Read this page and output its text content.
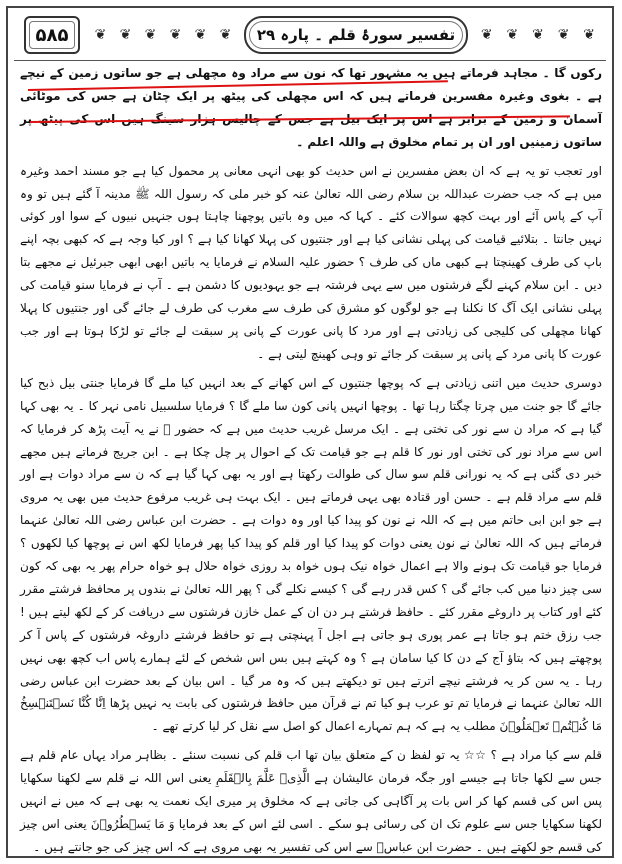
۵۸۵	❦ ❦ ❦ ❦ ❦ ❦	تفسیر سورۂ قلم ۔ پارہ ۲۹	❦ ❦ ❦ ❦ ❦

رکوں گا ۔ مجاہد فرماتے ہیں یہ مشہور تھا کہ نون سے مراد وہ مچھلی ہے جو ساتوں زمین کے نیچے ہے ۔ بغوی وغیرہ مفسرین فرماتے ہیں کہ اس مچھلی کی پیٹھ پر ایک چٹان ہے جس کی موٹائی آسمان و زمین کے برابر ہے اس پر ایک بیل ہے جس کے چالیس ہزار سینگ ہیں اس کی پیٹھ پر ساتوں زمینیں اور ان پر تمام مخلوق ہے واللہ اعلم ۔

اور تعجب تو یہ ہے کہ ان بعض مفسرین نے اس حدیث کو بھی انہی معانی پر محمول کیا ہے جو مسند احمد وغیرہ میں ہے کہ جب حضرت عبداللہ بن سلام رضی اللہ تعالیٰ عنہ کو خبر ملی کہ رسول اللہ ﷺ مدینہ آ گئے ہیں تو وہ آپ کے پاس آئے اور بہت کچھ سوالات کئے ۔ کہا کہ میں وہ باتیں پوچھنا چاہتا ہوں جنہیں نبیوں کے سوا اور کوئی نہیں جانتا ۔ بتلائیے قیامت کی پہلی نشانی کیا ہے اور جنتیوں کی پہلا کھانا کیا ہے ؟ اور کیا وجہ ہے کہ کبھی بچہ اپنے باپ کی طرف کھینچتا ہے کبھی ماں کی طرف ؟ حضور علیہ السلام نے فرمایا یہ باتیں ابھی ابھی جبرئیل نے مجھے بتا دیں ۔ ابن سلام کہنے لگے فرشتوں میں سے یہی فرشتہ ہے جو یہودیوں کا دشمن ہے ۔ آپ نے فرمایا سنو قیامت کی پہلی نشانی ایک آگ کا نکلنا ہے جو لوگوں کو مشرق کی طرف سے مغرب کی طرف لے جائے گی اور جنتیوں کا پہلا کھانا مچھلی کی کلیجی کی زیادتی ہے اور مرد کا پانی عورت کے پانی پر سبقت لے جائے تو لڑکا ہوتا ہے اور جب عورت کا پانی مرد کے پانی پر سبقت کر جائے تو وہی کھینچ لیتی ہے ۔

دوسری حدیث میں اتنی زیادتی ہے کہ پوچھا جنتیوں کے اس کھانے کے بعد انہیں کیا ملے گا فرمایا جنتی بیل ذبح کیا جائے گا جو جنت میں چرتا چگتا رہا تھا ۔ پوچھا انہیں پانی کون سا ملے گا ؟ فرمایا سلسبیل نامی نہر کا ۔ یہ بھی کہا گیا ہے کہ مراد ن سے نور کی تختی ہے ۔ ایک مرسل غریب حدیث میں ہے کہ حضور ﷺ نے یہ آیت پڑھ کر فرمایا کہ اس سے مراد نور کی تختی اور نور کا قلم ہے جو قیامت تک کے احوال پر چل چکا ہے ۔ ابن جریج فرماتے ہیں مجھے خبر دی گئی ہے کہ یہ نورانی قلم سو سال کی طوالت رکھتا ہے اور یہ بھی کہا گیا ہے کہ ن سے مراد دوات ہے اور قلم سے مراد قلم ہے ۔ حسن اور قتادہ بھی یہی فرماتے ہیں ۔ ایک بہت ہی غریب مرفوع حدیث میں بھی یہ مروی ہے جو ابن ابی حاتم میں ہے کہ اللہ نے نون کو پیدا کیا اور وہ دوات ہے ۔ حضرت ابن عباس رضی اللہ تعالیٰ عنہما فرماتے ہیں کہ اللہ تعالیٰ نے نون یعنی دوات کو پیدا کیا اور قلم کو پیدا کیا پھر فرمایا لکھ اس نے پوچھا کیا لکھوں ؟ فرمایا جو قیامت تک ہونے والا ہے اعمال خواہ نیک ہوں خواہ بد روزی خواہ حلال ہو خواہ حرام پھر یہ بھی کہ کون سی چیز دنیا میں کب جائے گی ؟ کس قدر رہے گی ؟ کیسے نکلے گی ؟ پھر اللہ تعالیٰ نے بندوں پر محافظ فرشتے مقرر کئے اور کتاب پر داروغے مقرر کئے ۔ حافظ فرشتے ہر دن ان کے عمل خازن فرشتوں سے دریافت کر کے لکھ لیتے ہیں ! جب رزق ختم ہو جاتا ہے عمر پوری ہو جاتی ہے اجل آ پہنچتی ہے تو حافظ فرشتے داروغہ فرشتوں کے پاس آ کر پوچھتے ہیں کہ بتاؤ آج کے دن کا کیا سامان ہے ؟ وہ کہتے ہیں بس اس شخص کے لئے ہمارے پاس اب کچھ بھی نہیں رہا ۔ یہ سن کر یہ فرشتے نیچے اترتے ہیں تو دیکھتے ہیں کہ وہ مر گیا ۔ اس بیان کے بعد حضرت ابن عباس رضی اللہ تعالیٰ عنہما نے فرمایا تم تو عرب ہو کیا تم نے قرآن میں حافظ فرشتوں کی بابت یہ نہیں پڑھا اِنَّا كُنَّا نَسۡتَنۡسِخُ مَا كُنۡتُمۡ تَعۡمَلُوۡنَ مطلب یہ ہے کہ ہم تمہارے اعمال کو اصل سے نقل کر لیا کرتے تھے ۔

قلم سے کیا مراد ہے ؟ ☆☆ یہ تو لفظ ن کے متعلق بیان تھا اب قلم کی نسبت سنئے ۔ بظاہر مراد یہاں عام قلم ہے جس سے لکھا جاتا ہے جیسے اور جگہ فرمان عالیشان ہے الَّذِیۡ عَلَّمَ بِالۡقَلَمِ یعنی اس اللہ نے قلم سے لکھنا سکھایا پس اس کی قسم کھا کر اس بات پر آگاہی کی جاتی ہے کہ مخلوق پر میری ایک نعمت یہ بھی ہے کہ میں نے انہیں لکھنا سکھایا جس سے علوم تک ان کی رسائی ہو سکے ۔ اسی لئے اس کے بعد فرمایا وَ مَا یَسۡطُرُوۡنَ یعنی اس چیز کی قسم جو لکھتے ہیں ۔ حضرت ابن عباسؓ سے اس کی تفسیر یہ بھی مروی ہے کہ اس چیز کی جو جانتے ہیں ۔
